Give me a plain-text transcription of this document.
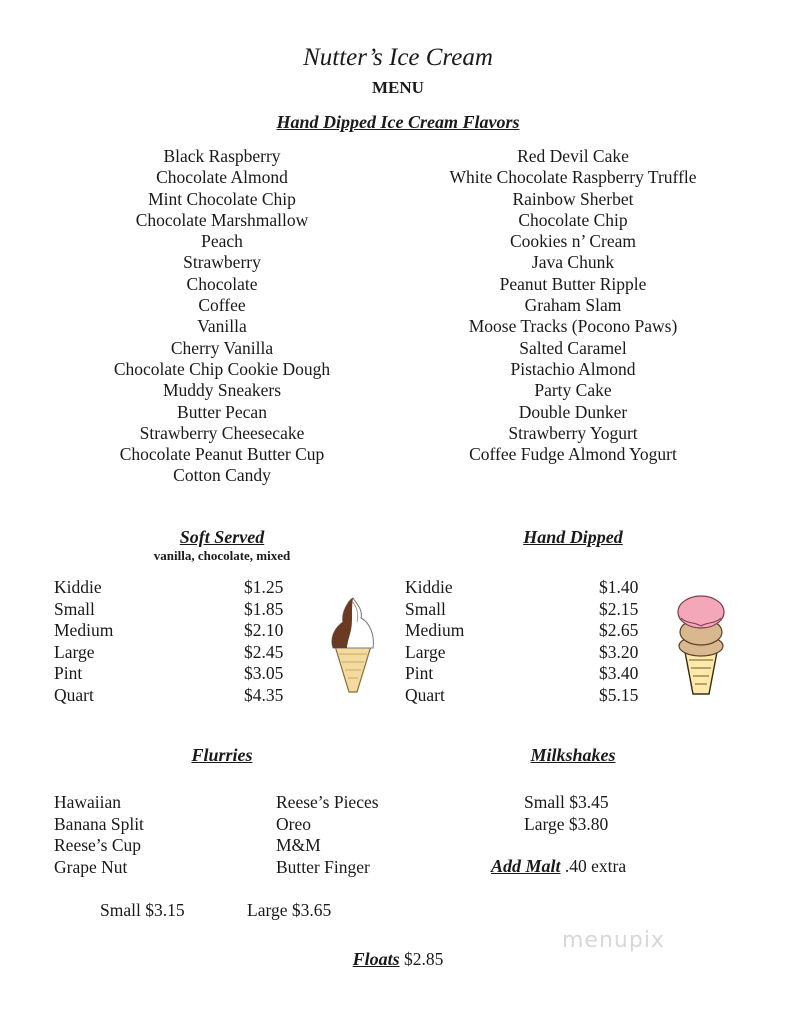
Nutter’s Ice Cream
MENU
Hand Dipped Ice Cream Flavors
Black Raspberry
Chocolate Almond
Mint Chocolate Chip
Chocolate Marshmallow
Peach
Strawberry
Chocolate
Coffee
Vanilla
Cherry Vanilla
Chocolate Chip Cookie Dough
Muddy Sneakers
Butter Pecan
Strawberry Cheesecake
Chocolate Peanut Butter Cup
Cotton Candy
Red Devil Cake
White Chocolate Raspberry Truffle
Rainbow Sherbet
Chocolate Chip
Cookies n’ Cream
Java Chunk
Peanut Butter Ripple
Graham Slam
Moose Tracks (Pocono Paws)
Salted Caramel
Pistachio Almond
Party Cake
Double Dunker
Strawberry Yogurt
Coffee Fudge Almond Yogurt
Soft Served
vanilla, chocolate, mixed
Kiddie	$1.25
Small	$1.85
Medium	$2.10
Large	$2.45
Pint	$3.05
Quart	$4.35
Hand Dipped
Kiddie	$1.40
Small	$2.15
Medium	$2.65
Large	$3.20
Pint	$3.40
Quart	$5.15
Flurries
Hawaiian
Banana Split
Reese’s Cup
Grape Nut
Reese’s Pieces
Oreo
M&M
Butter Finger
Small $3.15	Large $3.65
Milkshakes
Small $3.45
Large $3.80
Add Malt .40 extra
menupix
Floats $2.85
